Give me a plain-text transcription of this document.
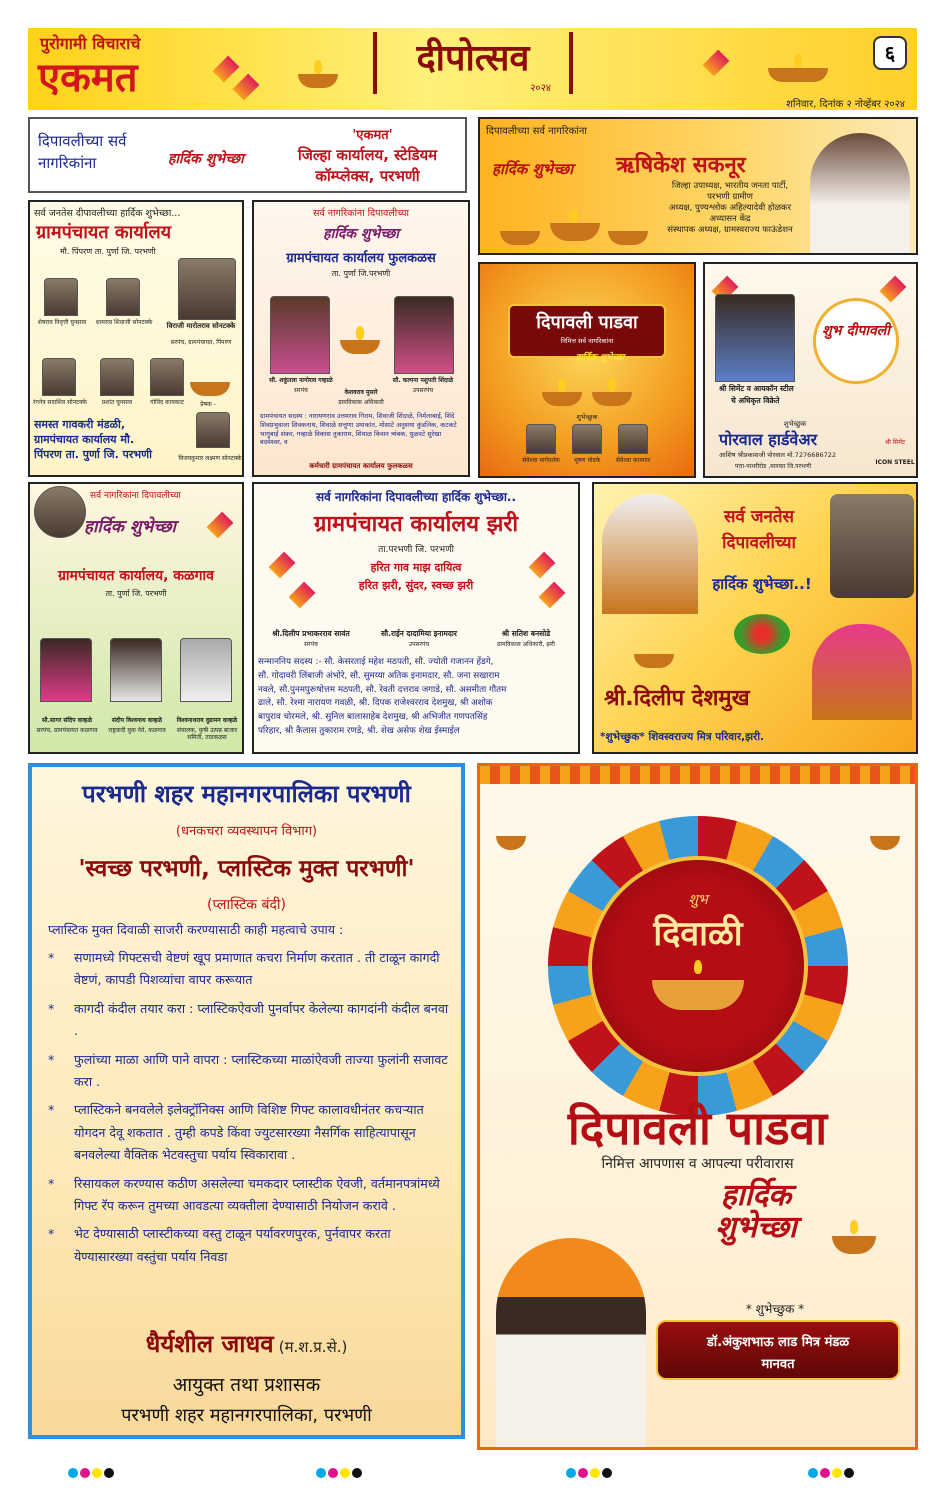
पुरोगामी विचाराचे
एकमत	दीपोत्सव
२०२४
६
शनिवार, दिनांक २ नोव्हेंबर २०२४
दिपावलीच्या सर्व नागरिकांना	हार्दिक शुभेच्छा
'एकमत'
जिल्हा कार्यालय, स्टेडियम
कॉम्प्लेक्स, परभणी
दिपावलीच्या सर्व नागरिकांना
हार्दिक शुभेच्छा	ऋषिकेश सकनूर
जिल्हा उपाध्यक्ष, भारतीय जनता पार्टी,
परभणी ग्रामीण
अध्यक्ष, पुण्यश्लोक अहिल्यादेवी होळकर
अध्यासन केंद्र
संस्थापक अध्यक्ष, ग्रामस्वराज्य फाऊंडेशन
सर्व जनतेस दीपावलीच्या हार्दिक शुभेच्छा...
ग्रामपंचायत कार्यालय
मौ. पिंपरण ता. पुर्णा जि. परभणी
शेषराव निवृत्ती घुनसाव	शामराव शिवाजी सोनटक्के	विराजी मारोतराव सोनटक्के
सरपंच, ग्रामपंचायत, पिंपरण
रंगनेत्र सदाशिव सोनटक्के	प्रशांत घुनसाव	गोविंद कायकाट	प्रेषक -
विजयकुमार लक्ष्मण सोनटक्के
समस्त गावकरी मंडळी,
ग्रामपंचायत कार्यालय मौ.
पिंपरण ता. पुर्णा जि. परभणी
सर्व नागरिकांना दिपावलीच्या
हार्दिक शुभेच्छा
ग्रामपंचायत कार्यालय फुलकळस
ता. पुर्णा जि.परभणी
सौ. शकुंतला नागोराव गव्हाळे
सरपंच
सौ. कल्पना पशुपती शिंदाळे
उपसरपंच
केशवराव मुसारे
ग्रामविकास अधिकारी
ग्रामपंचायत सदस्य : नारायणराव उत्तमराव गिराम, शिवाजी शिंदाळे, निर्मलाबाई, शिंदे शिवप्रभुवाला शिवकनाथ, शिवाळे सत्तुणा उमाकांत, मोसाटे अनुसया कुंडलिक, कटकटे भागुबाई शंकर, गव्हाळे विकास तुकाराम, शिवाळ किसन त्र्यंबक, धुळवटे सुरेखा बदवेश्वर, व
कर्मचारी ग्रामपंचायत कार्यालय फुलकळस
दिपावली पाडवा
निमित्त सर्व नागरिकांना
हार्दिक शुभेच्छा
शुभेच्छुक
सेवेश्चा मार्गदर्शक	भूषण घोडके	सेवेश्चा कामगार
शुभ दीपावली
श्री सिमेंट व आयकॉन स्टील
चे अधिकृत विक्रेते
शुभेच्छुक
पोरवाल हार्डवेअर
आशिष श्रीप्रकाशजी पोरवाल मो.7276686722
पत्ता-पाथरीरोड ,मानवत जि.परभणी
श्री सिमेंट
ICON STEEL
सर्व नागरिकांना दिपावलीच्या
हार्दिक शुभेच्छा
ग्रामपंचायत कार्यालय, कळगाव
ता. पुर्णा जि. परभणी
सौ.सागर संदिप वाव्हळे
सरपंच, ग्रामपंचायत कळगाव
संदीप विश्वनाथ वाव्हळे
राष्ट्रवादी युवा नेते, कळगाव
विश्वनाथराव वुडामन वाव्हळे
संचालक, कृषी उत्पन्न बाजार समिती, ताडकळस
सर्व नागरिकांना दिपावलीच्या हार्दिक शुभेच्छा..
ग्रामपंचायत कार्यालय झरी
ता.परभणी जि. परभणी
हरित गाव माझ दायित्व
हरित झरी, सुंदर, स्वच्छ झरी
श्री.दिलीप प्रभाकरराव सावंत
सरपंच
सौ.राईन दादामिया इनामदार
उपसरपंच
श्री सतिश बनसोडे
ग्रामविकास अधिकारी, झरी
सन्माननिय सदस्य :- सौ. केसरताई महेश मठपती, सौ. ज्योती गजानन हेंडगे,
सौ. गोदावरी लिंबाजी अंभोरे, सौ. सुमय्या अतिक इनामदार, सौ. जना सखाराम
नवले, सौ.पुनमपुरूषोत्तम मठपती, सौ. रेवती दत्तराव जगाडे, सौ. असमीता गौतम
ढाले, सौ. रेश्मा नारायण गवळी, श्री. दिपक राजेश्वरराव देशमुख, श्री अशोक
बापुराव चोरमले, श्री. सुनिल बालासाहेब देशमुख, श्री अभिजीत गणपतसिंह
परिहार, श्री कैलास तुकाराम रणडे, श्री. शेख असेफ शेख ईस्माईल
सर्व जनतेस
दिपावलीच्या
हार्दिक शुभेच्छा..!
श्री.दिलीप देशमुख
*शुभेच्छुक* शिवस्वराज्य मित्र परिवार,झरी.
परभणी शहर महानगरपालिका परभणी
(धनकचरा व्यवस्थापन विभाग)
'स्वच्छ परभणी, प्लास्टिक मुक्त परभणी'
(प्लास्टिक बंदी)
प्लास्टिक मुक्त दिवाळी साजरी करण्यासाठी काही महत्वाचे उपाय :
*	सणामध्ये गिफ्टसची वेष्टणं खूप प्रमाणात कचरा निर्माण करतात . ती टाळून कागदी वेष्टणं, कापडी पिशव्यांचा वापर करूयात
*	कागदी कंदील तयार करा : प्लास्टिकऐवजी पुनर्वापर केलेल्या कागदांनी कंदील बनवा .
*	फुलांच्या माळा आणि पाने वापरा : प्लास्टिकच्या माळांऐवजी ताज्या फुलांनी सजावट करा .
*	प्लास्टिकने बनवलेले इलेक्ट्रॉनिक्स आणि विशिष्ट गिफ्ट कालावधीनंतर कचऱ्यात योगदन देवू शकतात . तुम्ही कपडे किंवा ज्युटसारख्या नैसर्गिक साहित्यापासून बनवलेल्या वैक्तिक भेटवस्तुचा पर्याय स्विकारावा .
*	रिसायकल करण्यास कठीण असलेल्या चमकदार प्लास्टीक ऐवजी, वर्तमानपत्रांमध्ये गिफ्ट रॅप करून तुमच्या आवडत्या व्यक्तीला देण्यासाठी नियोजन करावे .
*	भेट देण्यासाठी प्लास्टीकच्या वस्तु टाळून पर्यावरणपुरक, पुर्नवापर करता येण्यासारख्या वस्तुंचा पर्याय निवडा
धैर्यशील जाधव (म.श.प्र.से.)
आयुक्त तथा प्रशासक
परभणी शहर महानगरपालिका, परभणी
शुभ
दिवाळी
दिपावली पाडवा
निमित्त आपणास व आपल्या परीवारास
हार्दिक शुभेच्छा
* शुभेच्छुक *
डॉ.अंकुशभाऊ लाड मित्र मंडळ
मानवत
